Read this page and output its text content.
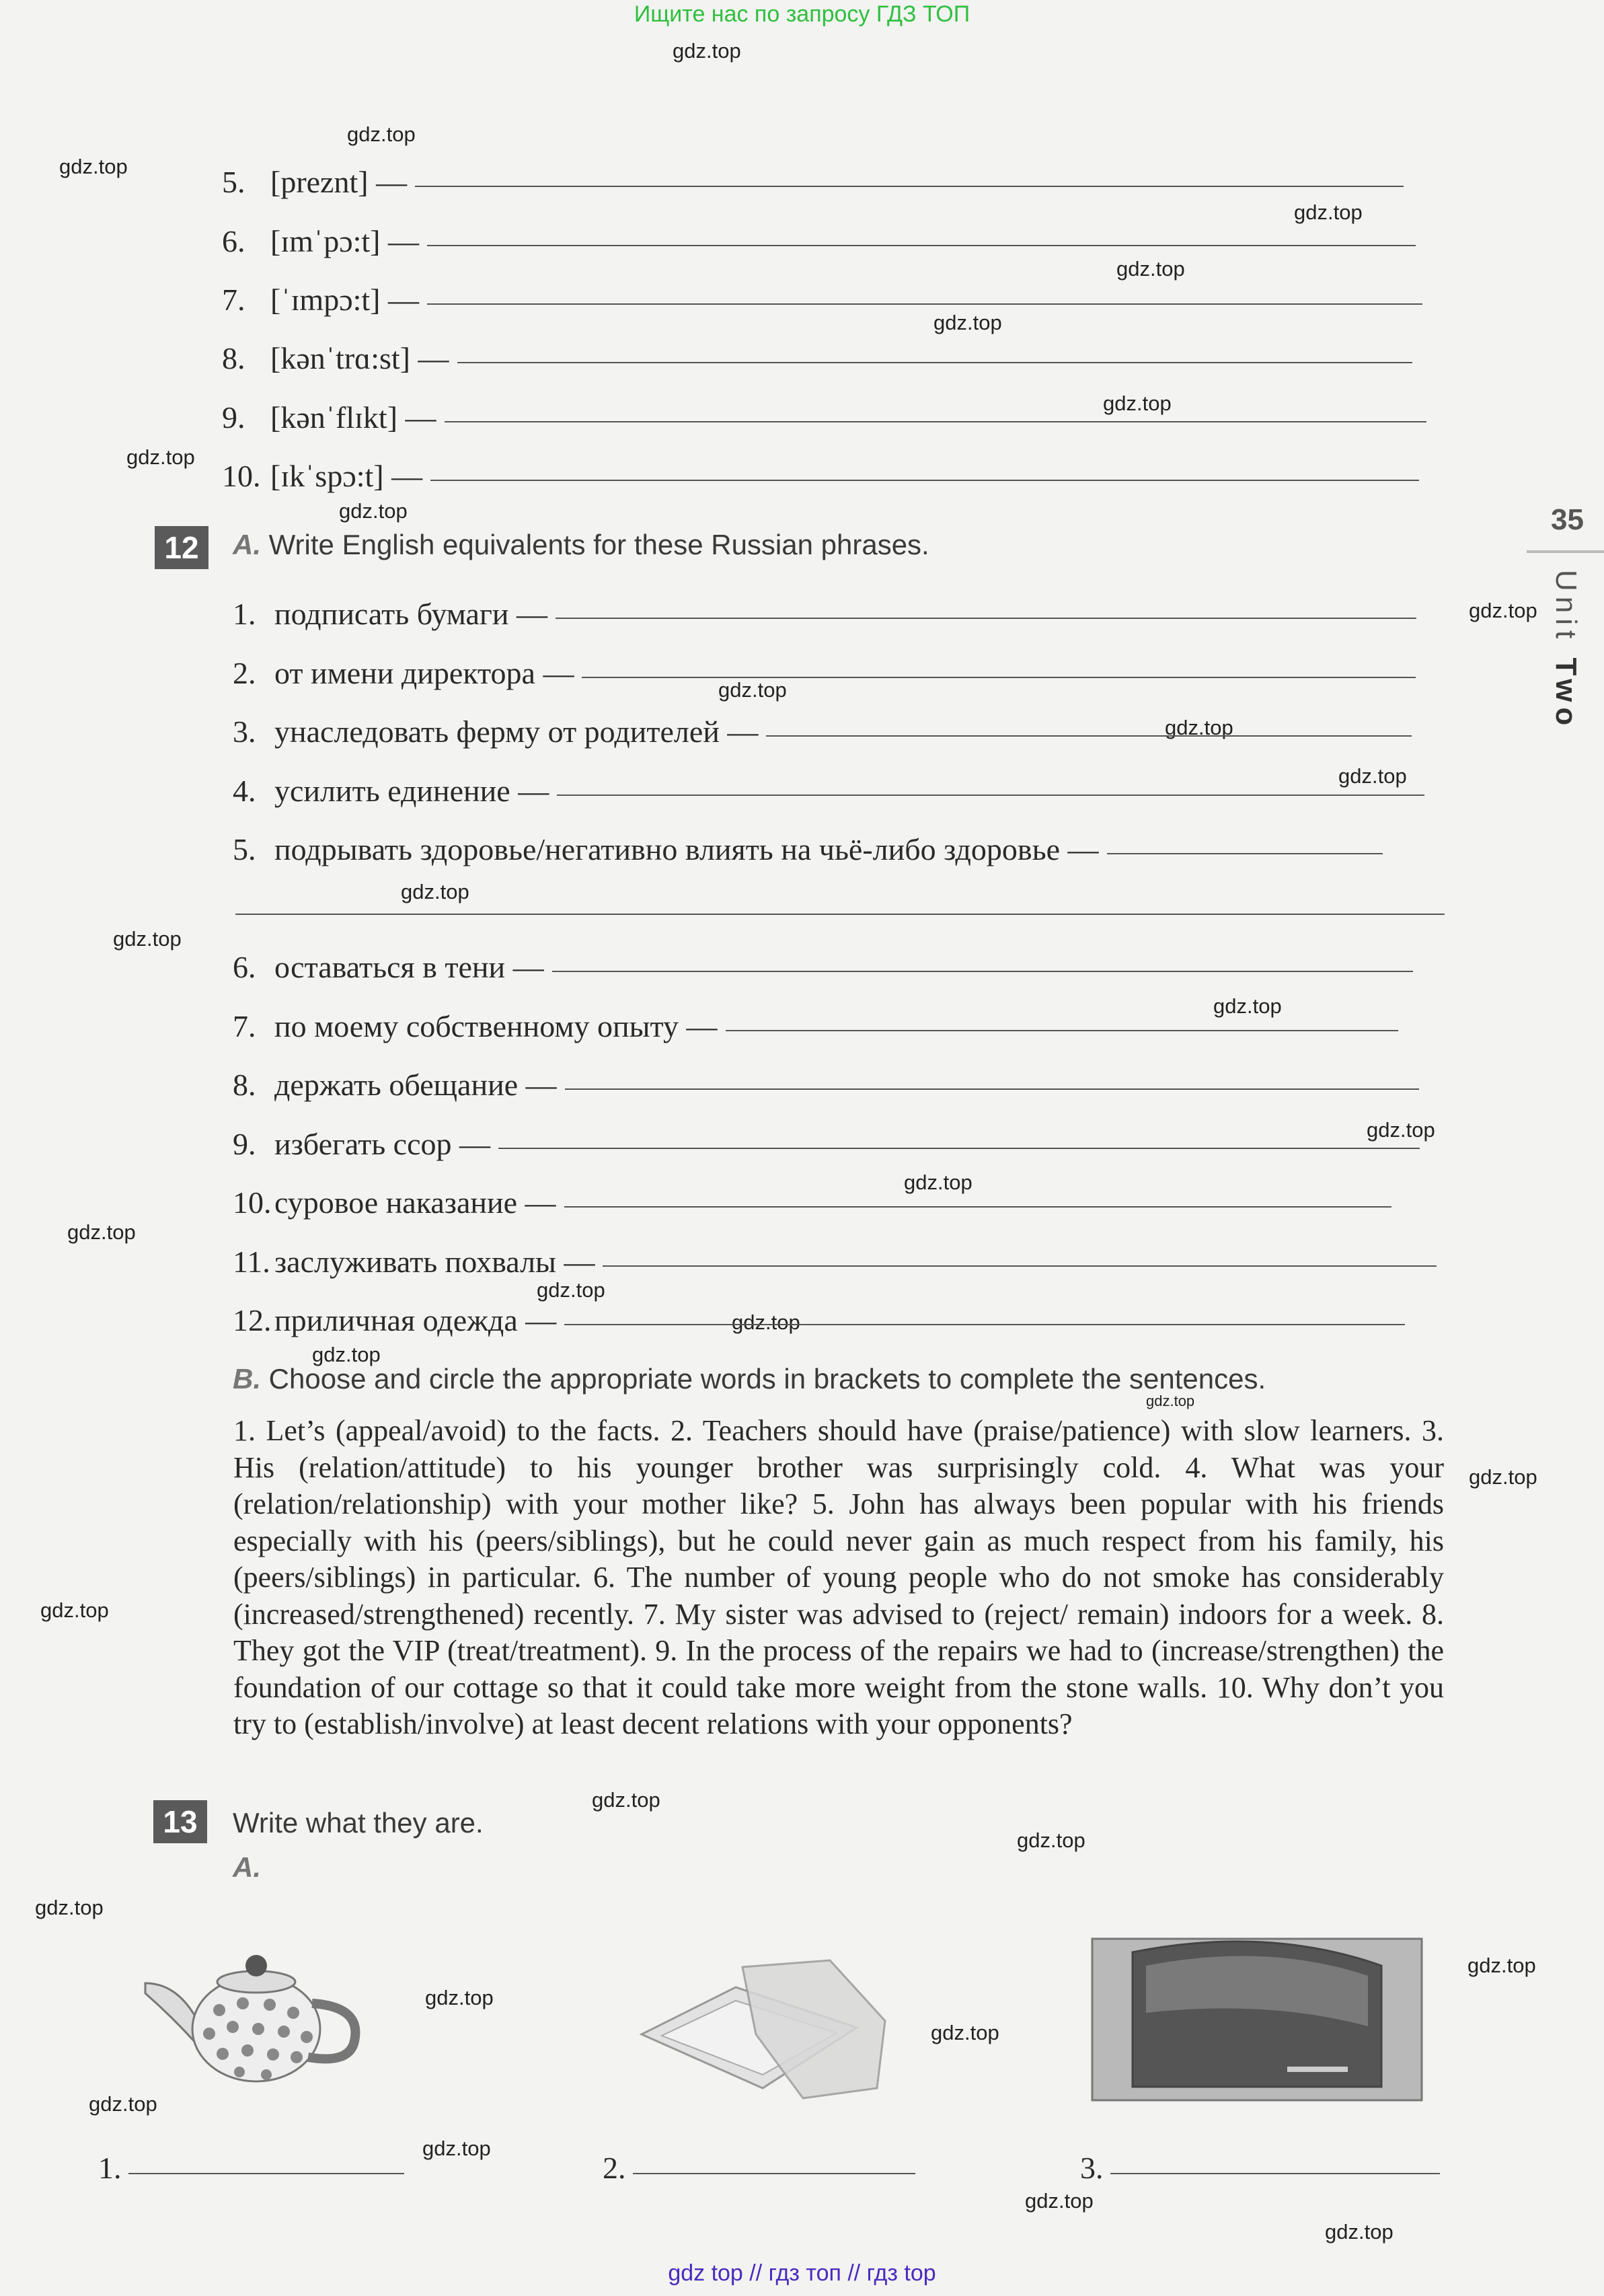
Ищите нас по запросу ГДЗ ТОП
gdz.top
gdz.top
gdz.top
gdz.top
gdz.top
gdz.top
gdz.top
gdz.top
gdz.top
gdz.top
gdz.top
gdz.top
gdz.top
gdz.top
gdz.top
gdz.top
gdz.top
gdz.top
gdz.top
gdz.top
gdz.top
gdz.top
gdz.top
gdz.top
gdz.top
gdz.top
gdz.top
gdz.top
gdz.top
gdz.top
gdz.top
gdz.top
gdz.top
gdz.top
gdz.top
35
Unit Two
5. [preznt] —
6. [ɪmˈpɔ:t] —
7. [ˈɪmpɔ:t] —
8. [kənˈtrɑ:st] —
9. [kənˈflɪkt] —
10. [ɪkˈspɔ:t] —
12	A. Write English equivalents for these Russian phrases.
1. подписать бумаги —
2. от имени директора —
3. унаследовать ферму от родителей —
4. усилить единение —
5. подрывать здоровье/негативно влиять на чьё-либо здоровье —
6. оставаться в тени —
7. по моему собственному опыту —
8. держать обещание —
9. избегать ссор —
10. суровое наказание —
11. заслуживать похвалы —
12. приличная одежда —
B. Choose and circle the appropriate words in brackets to complete the sentences.
1. Let’s (appeal/avoid) to the facts. 2. Teachers should have (praise/patience) with slow learners. 3. His (relation/attitude) to his younger brother was surprisingly cold. 4. What was your (relation/relationship) with your mother like? 5. John has always been popular with his friends especially with his (peers/siblings), but he could never gain as much respect from his family, his (peers/siblings) in particular. 6. The number of young people who do not smoke has considerably (increased/strengthened) recently. 7. My sister was advised to (reject/ remain) indoors for a week. 8. They got the VIP (treat/treatment). 9. In the process of the repairs we had to (increase/strengthen) the foundation of our cottage so that it could take more weight from the stone walls. 10. Why don’t you try to (establish/involve) at least decent relations with your opponents?
13	Write what they are.
A.
1.	2.	3.
gdz top // гдз топ // гдз top
